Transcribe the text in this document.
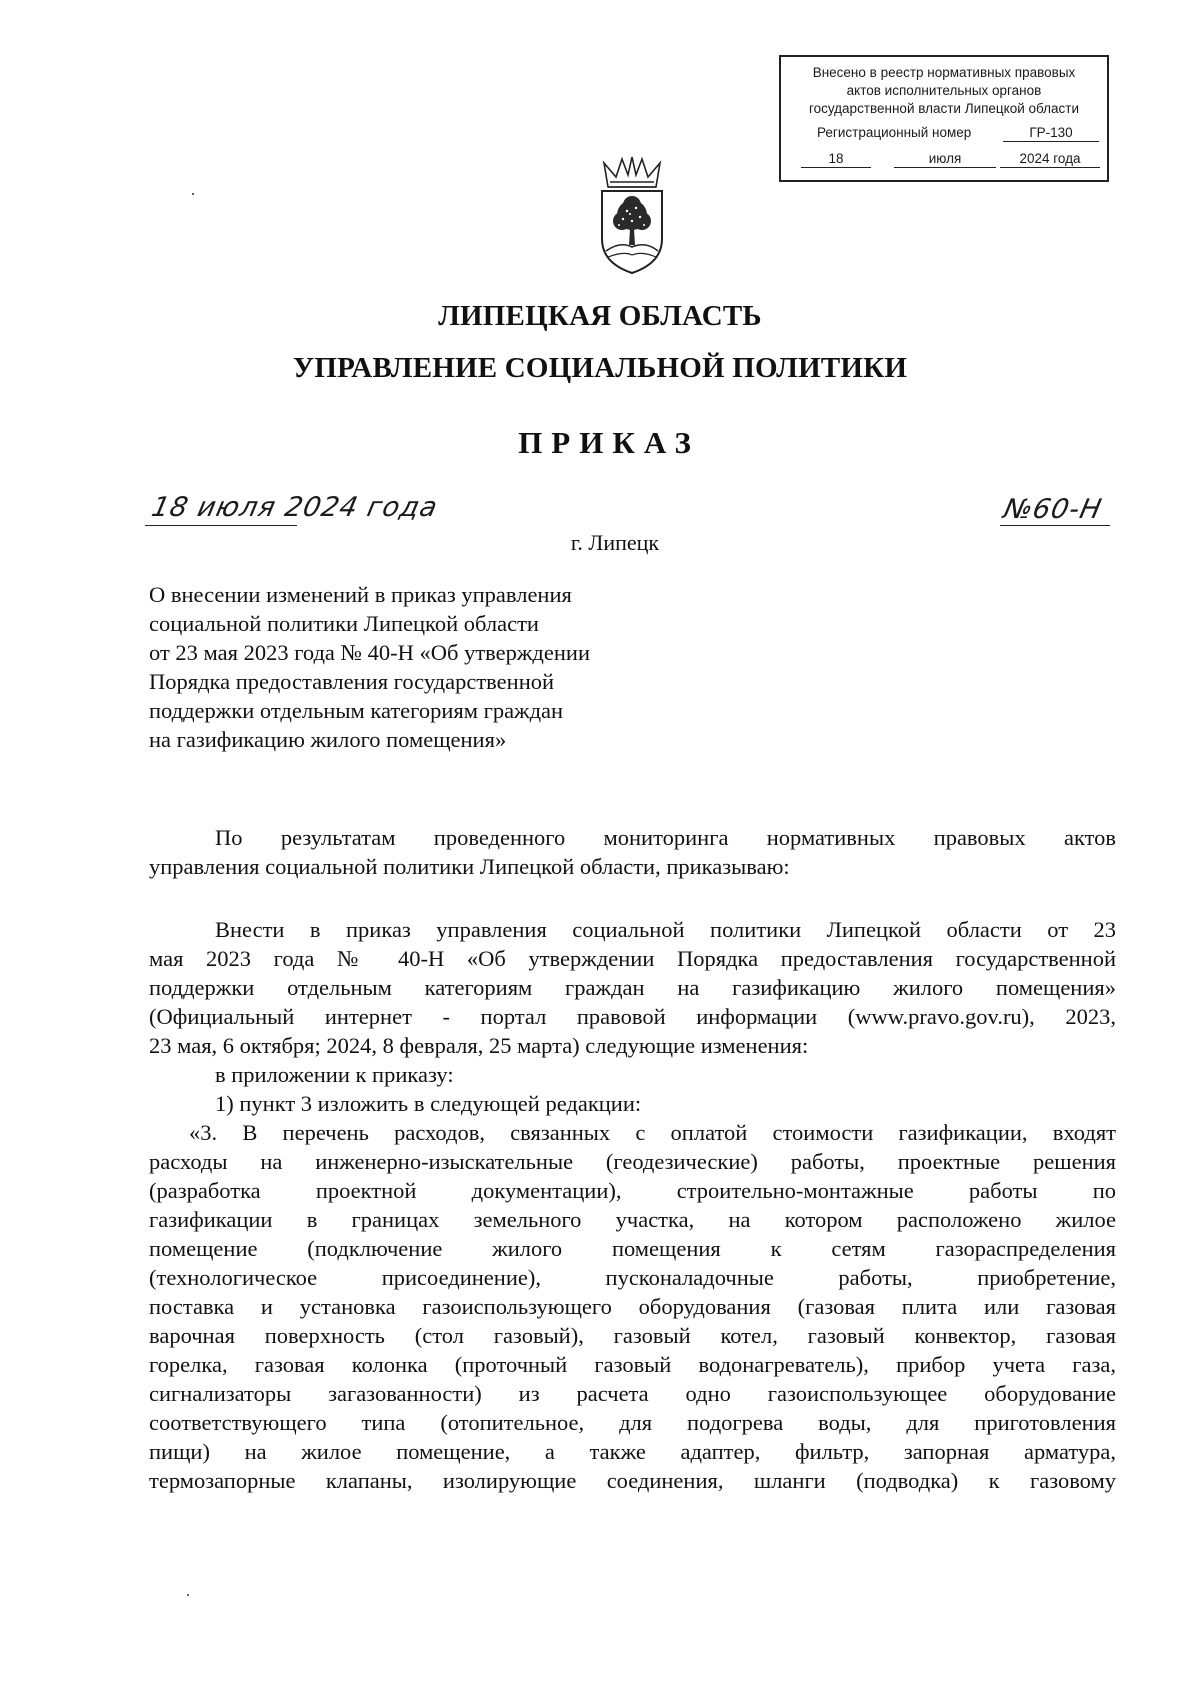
Внесено в реестр нормативных правовых
актов исполнительных органов
государственной власти Липецкой области
Регистрационный номер	ГР-130
18	июля	2024 года
ЛИПЕЦКАЯ ОБЛАСТЬ
УПРАВЛЕНИЕ СОЦИАЛЬНОЙ ПОЛИТИКИ
ПРИКАЗ
18 июля 2024 года	№60-Н
г. Липецк
О внесении изменений в приказ управления
социальной политики Липецкой области
от 23 мая 2023 года № 40-Н «Об утверждении
Порядка предоставления государственной
поддержки отдельным категориям граждан
на газификацию жилого помещения»
По результатам проведенного мониторинга нормативных правовых актов
управления социальной политики Липецкой области, приказываю:
Внести в приказ управления социальной политики Липецкой области от 23
мая 2023 года № 40-Н «Об утверждении Порядка предоставления государственной
поддержки отдельным категориям граждан на газификацию жилого помещения»
(Официальный интернет - портал правовой информации (www.pravo.gov.ru), 2023,
23 мая, 6 октября; 2024, 8 февраля, 25 марта) следующие изменения:
в приложении к приказу:
1) пункт 3 изложить в следующей редакции:
«3. В перечень расходов, связанных с оплатой стоимости газификации, входят
расходы на инженерно-изыскательные (геодезические) работы, проектные решения
(разработка проектной документации), строительно-монтажные работы по
газификации в границах земельного участка, на котором расположено жилое
помещение (подключение жилого помещения к сетям газораспределения
(технологическое присоединение), пусконаладочные работы, приобретение,
поставка и установка газоиспользующего оборудования (газовая плита или газовая
варочная поверхность (стол газовый), газовый котел, газовый конвектор, газовая
горелка, газовая колонка (проточный газовый водонагреватель), прибор учета газа,
сигнализаторы загазованности) из расчета одно газоиспользующее оборудование
соответствующего типа (отопительное, для подогрева воды, для приготовления
пищи) на жилое помещение, а также адаптер, фильтр, запорная арматура,
термозапорные клапаны, изолирующие соединения, шланги (подводка) к газовому
